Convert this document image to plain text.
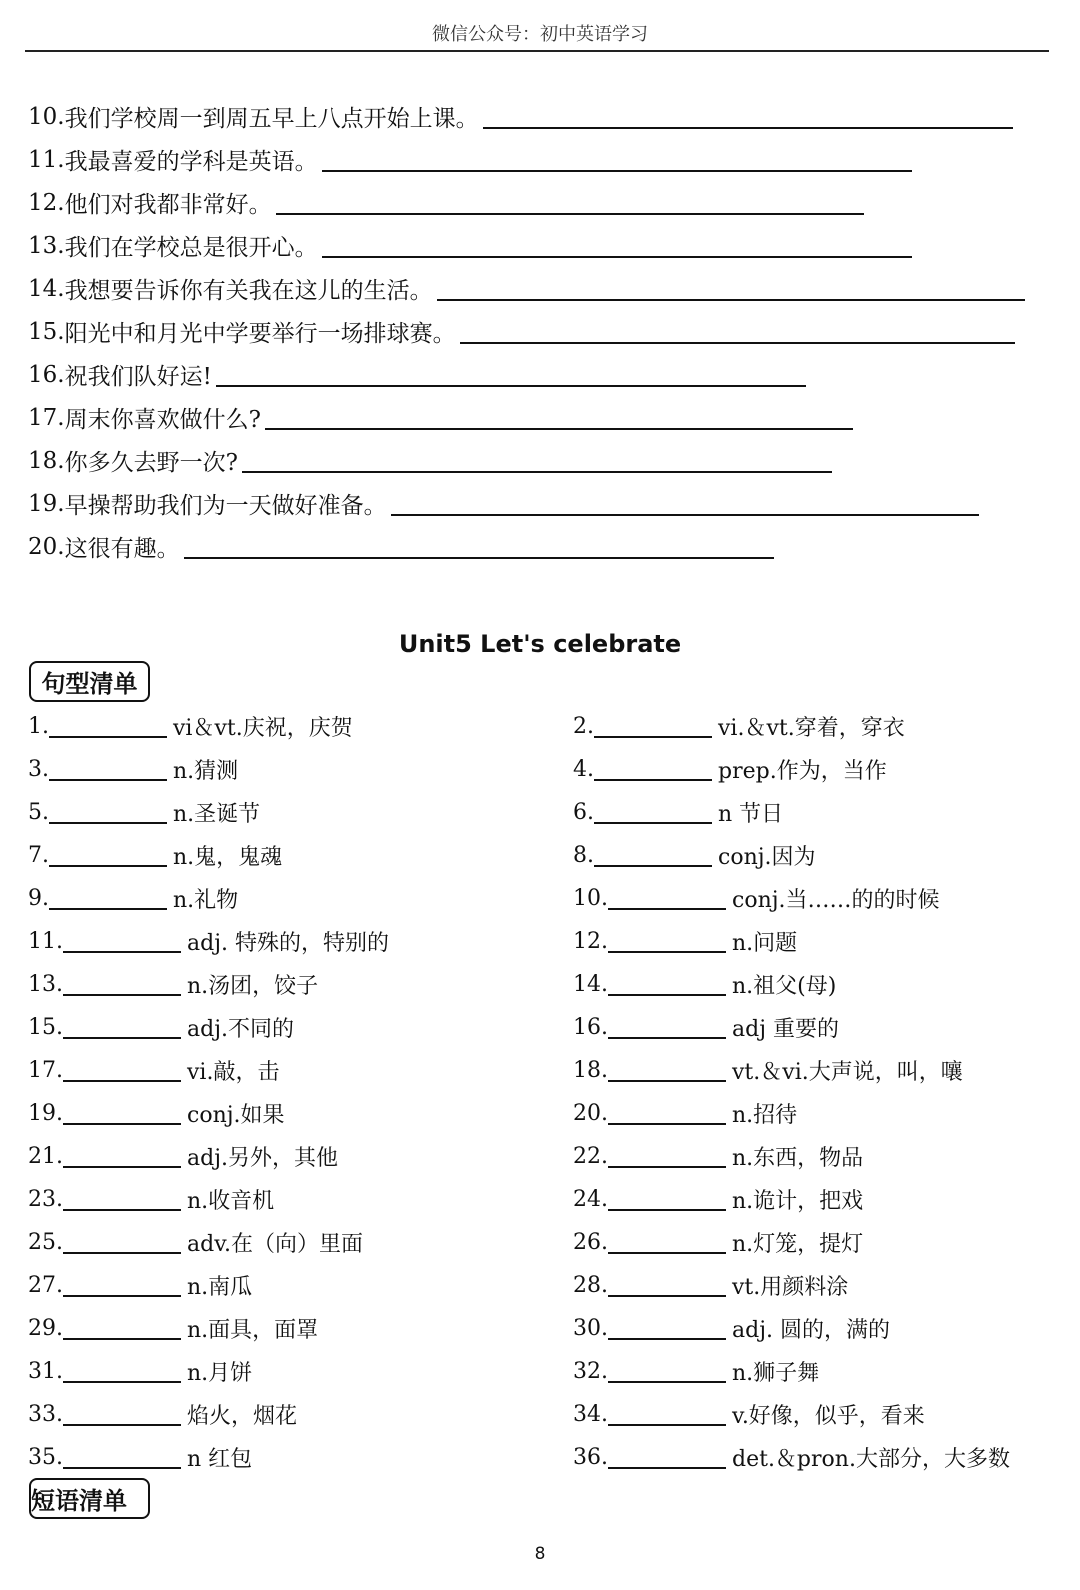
微信公众号：初中英语学习
10. 我们学校周一到周五早上八点开始上课。
11. 我最喜爱的学科是英语。
12. 他们对我都非常好。
13. 我们在学校总是很开心。
14. 我想要告诉你有关我在这儿的生活。
15. 阳光中和月光中学要举行一场排球赛。
16. 祝我们队好运!
17. 周末你喜欢做什么?
18. 你多久去野一次?
19. 早操帮助我们为一天做好准备。
20. 这很有趣。
Unit5 Let's celebrate
句型清单
1.	vi＆vt.庆祝，庆贺	2.	vi.＆vt.穿着，穿衣
3.	n.猜测	4.	prep.作为，当作
5.	n.圣诞节	6.	n 节日
7.	n.鬼，鬼魂	8.	conj.因为
9.	n.礼物	10.	conj.当……的的时候
11.	adj. 特殊的，特别的	12.	n.问题
13.	n.汤团，饺子	14.	n.祖父(母)
15.	adj.不同的	16.	adj 重要的
17.	vi.敲，击	18.	vt.＆vi.大声说，叫，嚷
19.	conj.如果	20.	n.招待
21.	adj.另外，其他	22.	n.东西，物品
23.	n.收音机	24.	n.诡计，把戏
25.	adv.在（向）里面	26.	n.灯笼，提灯
27.	n.南瓜	28.	vt.用颜料涂
29.	n.面具，面罩	30.	adj. 圆的，满的
31.	n.月饼	32.	n.狮子舞
33.	焰火，烟花	34.	v.好像，似乎，看来
35.	n 红包	36.	det.＆pron.大部分，大多数
短语清单
8
